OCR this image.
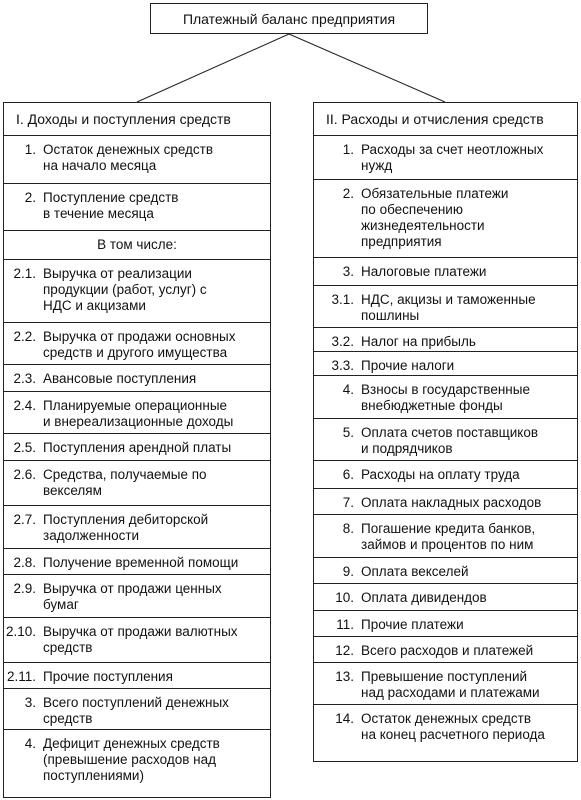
Платежный баланс предприятия
I. Доходы и поступления средств
1. Остаток денежных средств
на начало месяца
2. Поступление средств
в течение месяца
В том числе:
2.1. Выручка от реализации
продукции (работ, услуг) с
НДС и акцизами
2.2. Выручка от продажи основных
средств и другого имущества
2.3. Авансовые поступления
2.4. Планируемые операционные
и внереализационные доходы
2.5. Поступления арендной платы
2.6. Средства, получаемые по
векселям
2.7. Поступления дебиторской
задолженности
2.8. Получение временной помощи
2.9. Выручка от продажи ценных
бумаг
2.10. Выручка от продажи валютных
средств
2.11. Прочие поступления
3. Всего поступлений денежных
средств
4. Дефицит денежных средств
(превышение расходов над
поступлениями)
II. Расходы и отчисления средств
1. Расходы за счет неотложных
нужд
2. Обязательные платежи
по обеспечению
жизнедеятельности
предприятия
3. Налоговые платежи
3.1. НДС, акцизы и таможенные
пошлины
3.2. Налог на прибыль
3.3. Прочие налоги
4. Взносы в государственные
внебюджетные фонды
5. Оплата счетов поставщиков
и подрядчиков
6. Расходы на оплату труда
7. Оплата накладных расходов
8. Погашение кредита банков,
займов и процентов по ним
9. Оплата векселей
10. Оплата дивидендов
11. Прочие платежи
12. Всего расходов и платежей
13. Превышение поступлений
над расходами и платежами
14. Остаток денежных средств
на конец расчетного периода
